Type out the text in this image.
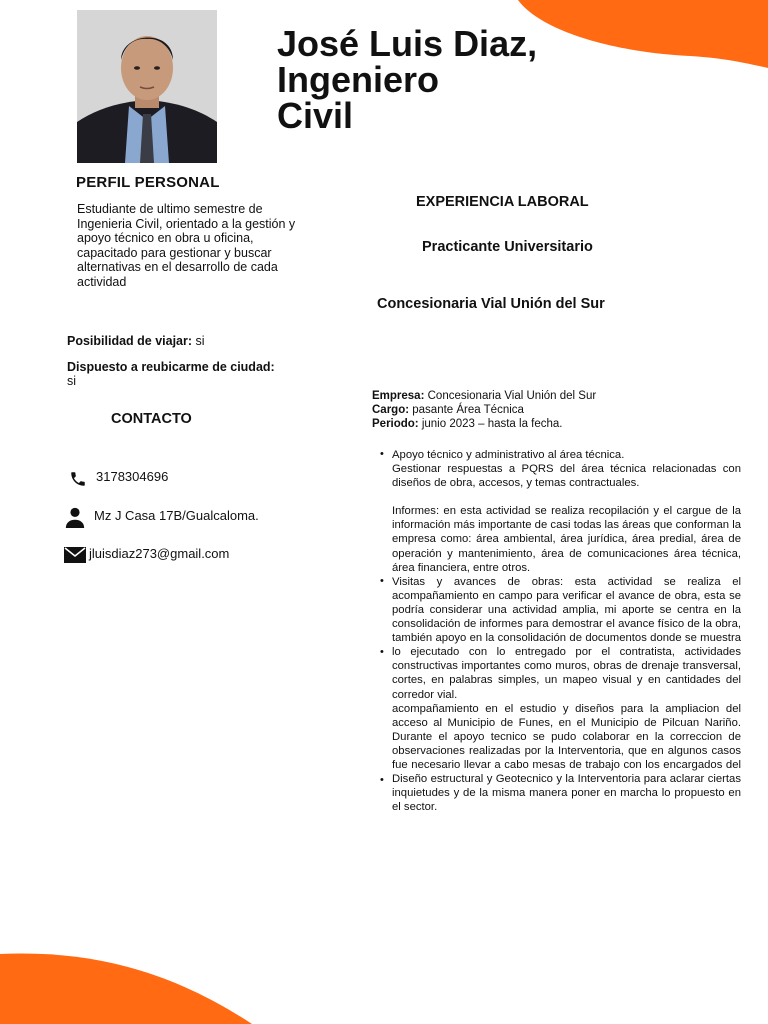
José Luis Diaz,
Ingeniero
Civil
PERFIL PERSONAL
Estudiante de ultimo semestre de Ingenieria Civil, orientado a la gestión y apoyo técnico en obra u oficina, capacitado para gestionar y buscar alternativas en el desarrollo de cada actividad
Posibilidad de viajar: si
Dispuesto a reubicarme de ciudad:
si
CONTACTO
3178304696
Mz J Casa 17B/Gualcaloma.
jluisdiaz273@gmail.com
EXPERIENCIA LABORAL
Practicante Universitario
Concesionaria Vial Unión del Sur
Empresa: Concesionaria Vial Unión del Sur
Cargo: pasante Área Técnica
Periodo: junio 2023 – hasta la fecha.
•
•
•
•

Apoyo técnico y administrativo al área técnica.

Gestionar respuestas a PQRS del área técnica relacionadas con diseños de obra, accesos, y temas contractuales.

Informes: en esta actividad se realiza recopilación y el cargue de la información más importante de casi todas las áreas que conforman la empresa como: área ambiental, área jurídica, área predial, área de operación y mantenimiento, área de comunicaciones área técnica, área financiera, entre otros.

Visitas y avances de obras: esta actividad se realiza el acompañamiento en campo para verificar el avance de obra, esta se podría considerar una actividad amplia, mi aporte se centra en la consolidación de informes para demostrar el avance físico de la obra, también apoyo en la consolidación de documentos donde se muestra lo ejecutado con lo entregado por el contratista, actividades constructivas importantes como muros, obras de drenaje transversal, cortes, en palabras simples, un mapeo visual y en cantidades del corredor vial.

acompañamiento en el estudio y diseños para la ampliacion del acceso al Municipio de Funes, en el Municipio de Pilcuan Nariño. Durante el apoyo tecnico se pudo colaborar en la correccion de observaciones realizadas por la Interventoria, que en algunos casos fue necesario llevar a cabo mesas de trabajo con los encargados del Diseño estructural y Geotecnico y la Interventoria para aclarar ciertas inquietudes y de la misma manera poner en marcha lo propuesto en el sector.
